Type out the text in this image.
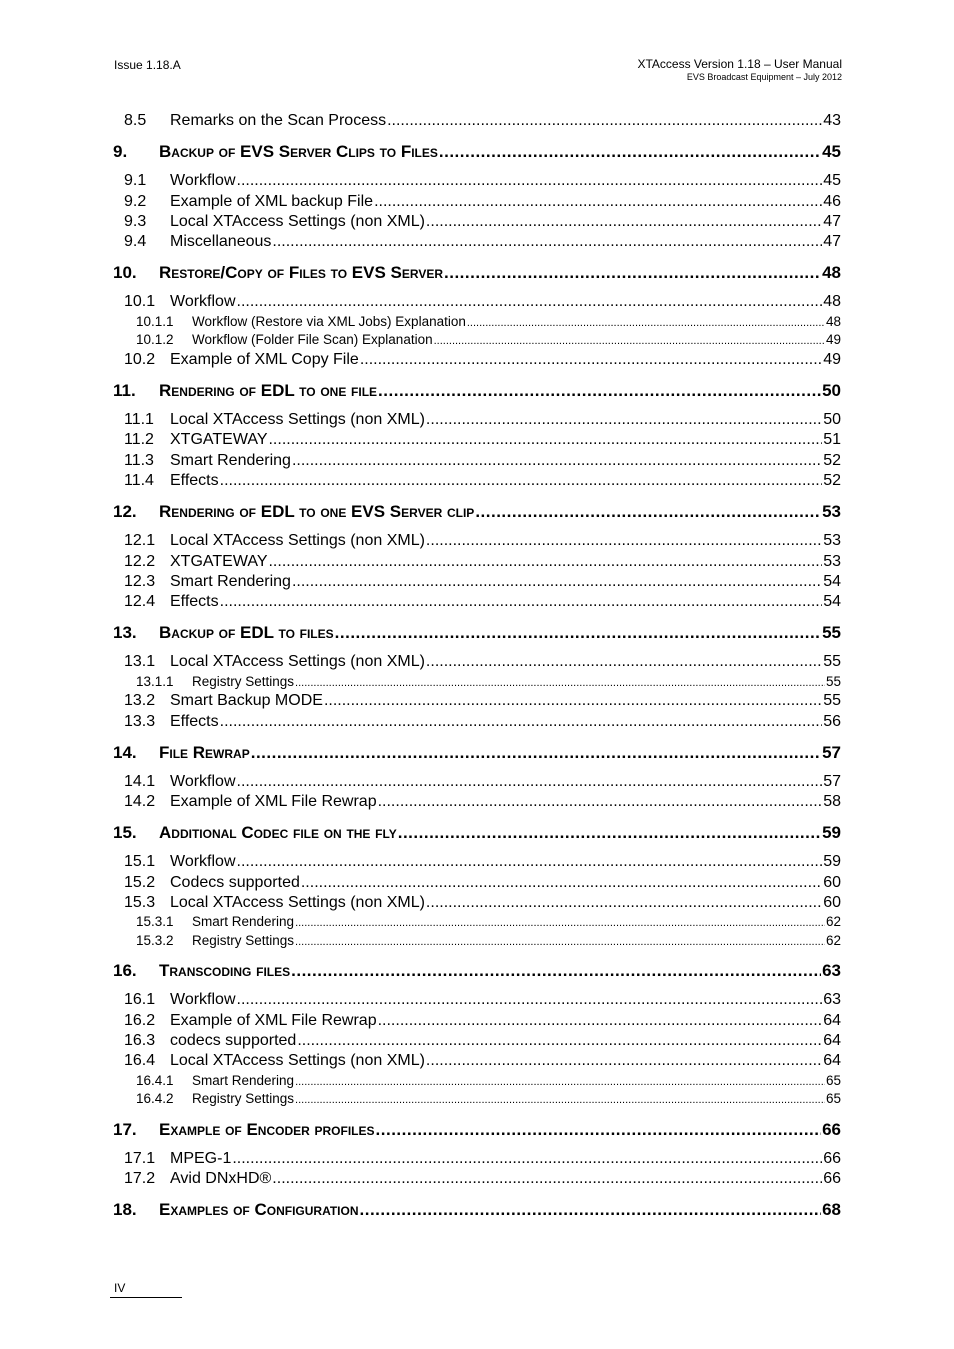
Issue 1.18.A	XTAccess Version 1.18 – User Manual
EVS Broadcast Equipment – July 2012
8.5	Remarks on the Scan Process .....	43
9.	Backup of EVS Server Clips to Files .....	45
9.1	Workflow .....	45
9.2	Example of XML backup File .....	46
9.3	Local XTAccess Settings (non XML) .....	47
9.4	Miscellaneous .....	47
10.	Restore/Copy of Files to EVS Server .....	48
10.1 Workflow .....	48
10.1.1	Workflow (Restore via XML Jobs) Explanation .....	48
10.1.2	Workflow (Folder File Scan) Explanation .....	49
10.2 Example of XML Copy File .....	49
11.	Rendering of EDL to one file .....	50
11.1	Local XTAccess Settings (non XML) .....	50
11.2	XTGATEWAY .....	51
11.3	Smart Rendering .....	52
11.4	Effects .....	52
12.	Rendering of EDL to one EVS Server clip .....	53
12.1 Local XTAccess Settings (non XML) .....	53
12.2 XTGATEWAY .....	53
12.3 Smart Rendering .....	54
12.4 Effects .....	54
13.	Backup of EDL to files .....	55
13.1 Local XTAccess Settings (non XML) .....	55
13.1.1	Registry Settings .....	55
13.2 Smart Backup MODE .....	55
13.3 Effects .....	56
14.	File Rewrap .....	57
14.1 Workflow .....	57
14.2 Example of XML File Rewrap .....	58
15.	Additional Codec file on the fly .....	59
15.1 Workflow .....	59
15.2 Codecs supported .....	60
15.3 Local XTAccess Settings (non XML) .....	60
15.3.1	Smart Rendering .....	62
15.3.2	Registry Settings .....	62
16.	Transcoding files .....	63
16.1 Workflow .....	63
16.2 Example of XML File Rewrap .....	64
16.3 codecs supported .....	64
16.4 Local XTAccess Settings (non XML) .....	64
16.4.1	Smart Rendering .....	65
16.4.2	Registry Settings .....	65
17.	Example of Encoder profiles .....	66
17.1 MPEG-1 .....	66
17.2 Avid DNxHD® .....	66
18.	Examples of Configuration .....	68
IV
